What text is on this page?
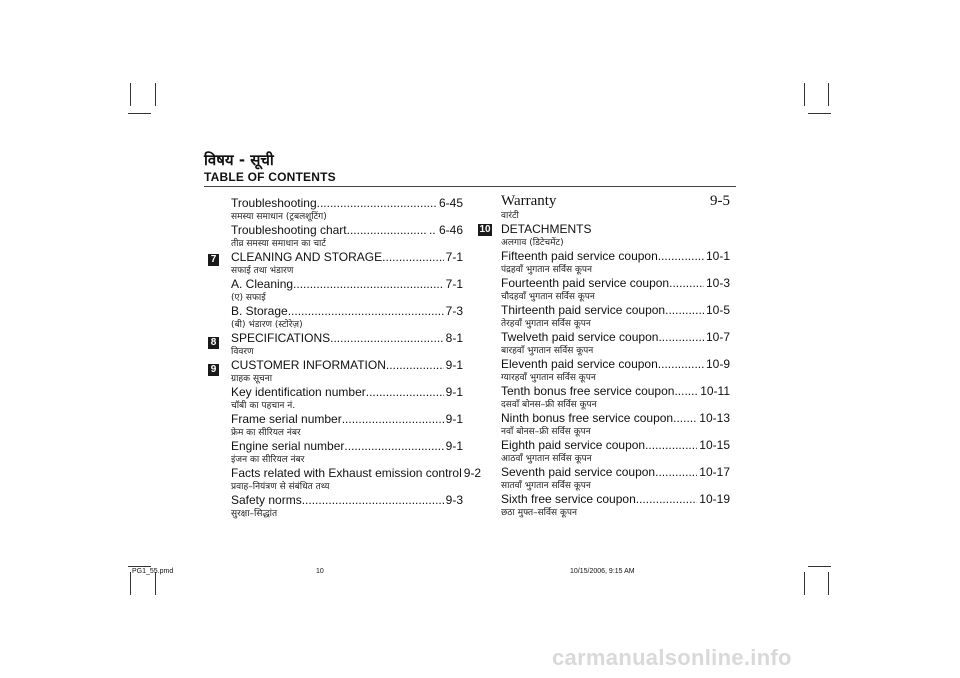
विषय - सूची
TABLE OF CONTENTS
7
8
9
10
Troubleshooting .....	6-45
समस्या समाधान (ट्रबलशूटिंग)
Troubleshooting chart .....	.. 6-46
तीव्र समस्या समाधान का चार्ट
CLEANING AND STORAGE .....	7-1
सफाई तथा भंडारण
A. Cleaning .....	7-1
(ए) सफाई
B. Storage .....	7-3
(बी) भंडारण (स्टोरेज़)
SPECIFICATIONS .....	8-1
विवरण
CUSTOMER INFORMATION .....	9-1
ग्राहक सूचना
Key identification number .....	9-1
चॉबी का पहचान नं.
Frame serial number .....	9-1
फ्रेम का सीरियल नंबर
Engine serial number .....	9-1
इंजन का सीरियल नंबर
Facts related with Exhaust emission control 9-2
प्रवाह–नियंत्रण से संबंधित तथ्य
Safety norms .....	9-3
सुरक्षा–सिद्धांत
Warranty	9-5
वारंटी
DETACHMENTS
अलगाव (डिटेचमेंट)
Fifteenth paid service coupon .....	10-1
पंद्रहवाँ भुगतान सर्विस कूपन
Fourteenth paid service coupon .....	10-3
चौदहवाँ भुगतान सर्विस कूपन
Thirteenth paid service coupon .....	10-5
तेरहवाँ भुगतान सर्विस कूपन
Twelveth paid service coupon .....	10-7
बारहवाँ भुगतान सर्विस कूपन
Eleventh paid service coupon .....	10-9
ग्यारहवाँ भुगतान सर्विस कूपन
Tenth bonus free service coupon ..... 10-11
दसवाँ बोनस–फ्री सर्विस कूपन
Ninth bonus free service coupon ..... 10-13
नवाँ बोनस–फ्री सर्विस कूपन
Eighth paid service coupon .....	10-15
आठवाँ भुगतान सर्विस कूपन
Seventh paid service coupon .....	10-17
सातवाँ भुगतान सर्विस कूपन
Sixth free service coupon .....	10-19
छठा मुफ्त–सर्विस कूपन
PG1_55.pmd	10	10/15/2006, 9:15 AM
carmanualsonline.info
